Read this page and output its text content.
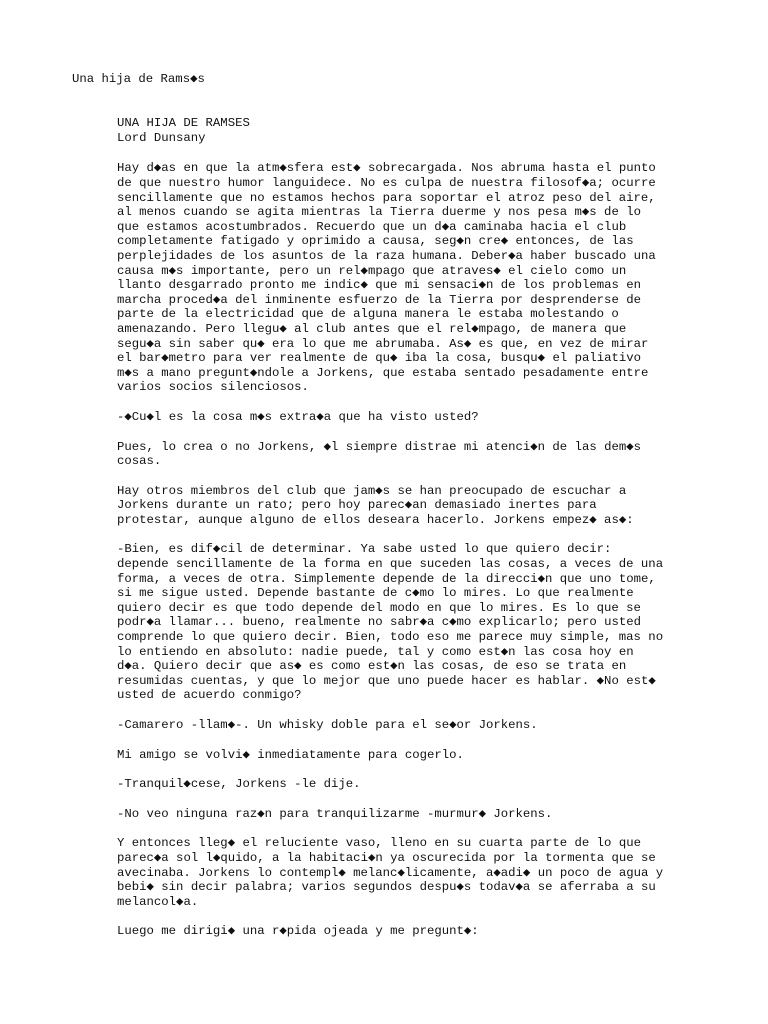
Una hija de Rams◆s
UNA HIJA DE RAMSES
Lord Dunsany

Hay d◆as en que la atm◆sfera est◆ sobrecargada. Nos abruma hasta el punto
de que nuestro humor languidece. No es culpa de nuestra filosof◆a; ocurre
sencillamente que no estamos hechos para soportar el atroz peso del aire,
al menos cuando se agita mientras la Tierra duerme y nos pesa m◆s de lo
que estamos acostumbrados. Recuerdo que un d◆a caminaba hacia el club
completamente fatigado y oprimido a causa, seg◆n cre◆ entonces, de las
perplejidades de los asuntos de la raza humana. Deber◆a haber buscado una
causa m◆s importante, pero un rel◆mpago que atraves◆ el cielo como un
llanto desgarrado pronto me indic◆ que mi sensaci◆n de los problemas en
marcha proced◆a del inminente esfuerzo de la Tierra por desprenderse de
parte de la electricidad que de alguna manera le estaba molestando o
amenazando. Pero llegu◆ al club antes que el rel◆mpago, de manera que
segu◆a sin saber qu◆ era lo que me abrumaba. As◆ es que, en vez de mirar
el bar◆metro para ver realmente de qu◆ iba la cosa, busqu◆ el paliativo
m◆s a mano pregunt◆ndole a Jorkens, que estaba sentado pesadamente entre
varios socios silenciosos.

-◆Cu◆l es la cosa m◆s extra◆a que ha visto usted?

Pues, lo crea o no Jorkens, ◆l siempre distrae mi atenci◆n de las dem◆s
cosas.

Hay otros miembros del club que jam◆s se han preocupado de escuchar a
Jorkens durante un rato; pero hoy parec◆an demasiado inertes para
protestar, aunque alguno de ellos deseara hacerlo. Jorkens empez◆ as◆:

-Bien, es dif◆cil de determinar. Ya sabe usted lo que quiero decir:
depende sencillamente de la forma en que suceden las cosas, a veces de una
forma, a veces de otra. Simplemente depende de la direcci◆n que uno tome,
si me sigue usted. Depende bastante de c◆mo lo mires. Lo que realmente
quiero decir es que todo depende del modo en que lo mires. Es lo que se
podr◆a llamar... bueno, realmente no sabr◆a c◆mo explicarlo; pero usted
comprende lo que quiero decir. Bien, todo eso me parece muy simple, mas no
lo entiendo en absoluto: nadie puede, tal y como est◆n las cosa hoy en
d◆a. Quiero decir que as◆ es como est◆n las cosas, de eso se trata en
resumidas cuentas, y que lo mejor que uno puede hacer es hablar. ◆No est◆
usted de acuerdo conmigo?

-Camarero -llam◆-. Un whisky doble para el se◆or Jorkens.

Mi amigo se volvi◆ inmediatamente para cogerlo.

-Tranquil◆cese, Jorkens -le dije.

-No veo ninguna raz◆n para tranquilizarme -murmur◆ Jorkens.

Y entonces lleg◆ el reluciente vaso, lleno en su cuarta parte de lo que
parec◆a sol l◆quido, a la habitaci◆n ya oscurecida por la tormenta que se
avecinaba. Jorkens lo contempl◆ melanc◆licamente, a◆adi◆ un poco de agua y
bebi◆ sin decir palabra; varios segundos despu◆s todav◆a se aferraba a su
melancol◆a.

Luego me dirigi◆ una r◆pida ojeada y me pregunt◆:
